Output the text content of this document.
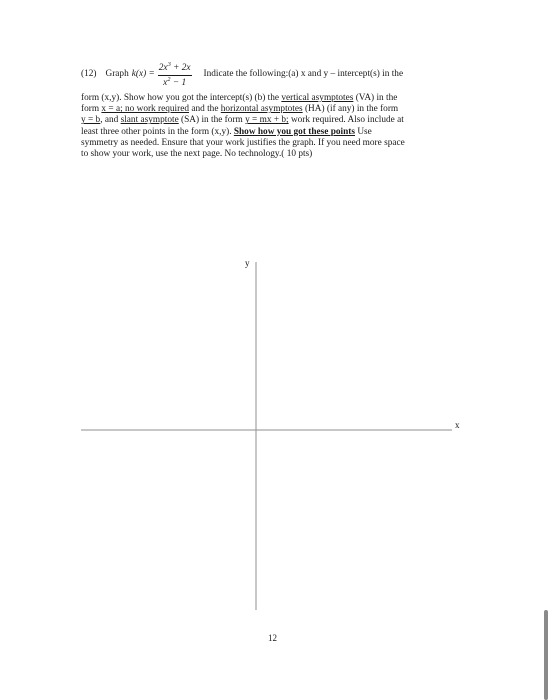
(12) Graph $k(x) = \frac{2x^3 + 2x}{x^2 - 1}$ Indicate the following:(a) x and y – intercept(s) in the
form (x,y). Show how you got the intercept(s) (b) the vertical asymptotes (VA) in the
form x = a; no work required and the horizontal asymptotes (HA) (if any) in the form
y = b, and slant asymptote (SA) in the form y = mx + b; work required. Also include at
least three other points in the form (x,y). Show how you got these points Use
symmetry as needed. Ensure that your work justifies the graph. If you need more space
to show your work, use the next page. No technology.( 10 pts)
y
x
12
